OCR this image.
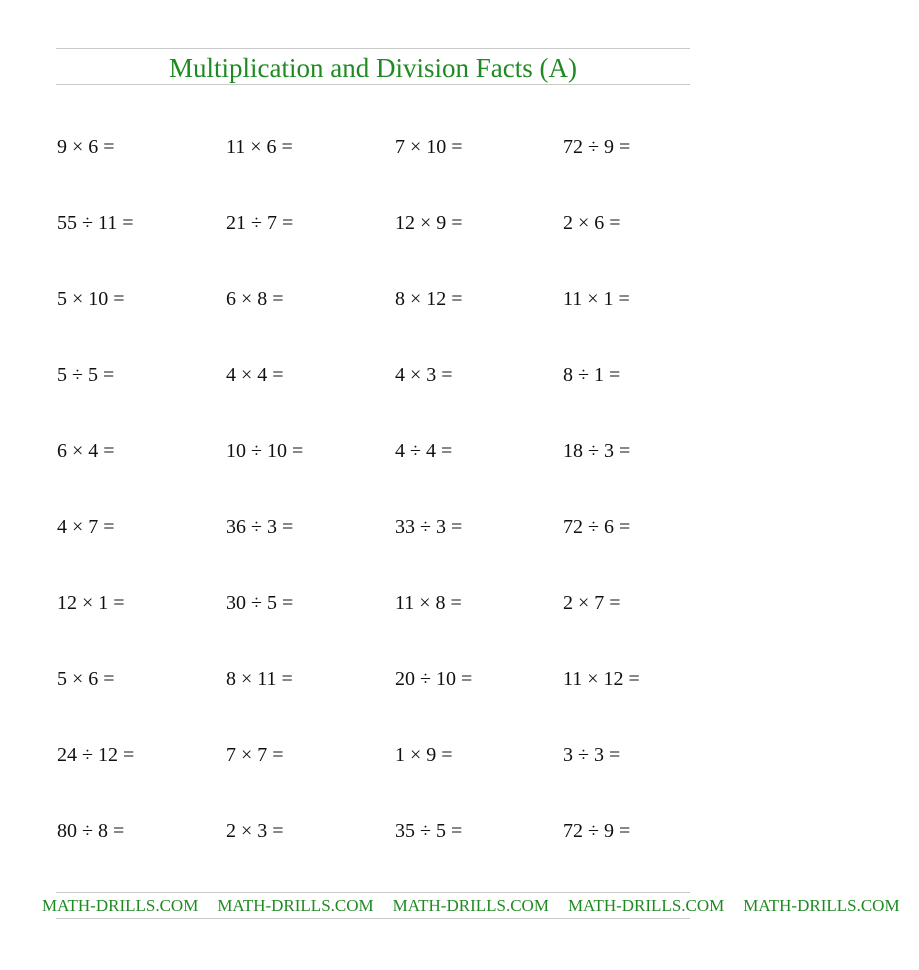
Multiplication and Division Facts (A)
9 × 6 =	11 × 6 =	7 × 10 =	72 ÷ 9 =
55 ÷ 11 =	21 ÷ 7 =	12 × 9 =	2 × 6 =
5 × 10 =	6 × 8 =	8 × 12 =	11 × 1 =
5 ÷ 5 =	4 × 4 =	4 × 3 =	8 ÷ 1 =
6 × 4 =	10 ÷ 10 =	4 ÷ 4 =	18 ÷ 3 =
4 × 7 =	36 ÷ 3 =	33 ÷ 3 =	72 ÷ 6 =
12 × 1 =	30 ÷ 5 =	11 × 8 =	2 × 7 =
5 × 6 =	8 × 11 =	20 ÷ 10 =	11 × 12 =
24 ÷ 12 =	7 × 7 =	1 × 9 =	3 ÷ 3 =
80 ÷ 8 =	2 × 3 =	35 ÷ 5 =	72 ÷ 9 =
MATH-DRILLS.COM MATH-DRILLS.COM MATH-DRILLS.COM MATH-DRILLS.COM MATH-DRILLS.COM
